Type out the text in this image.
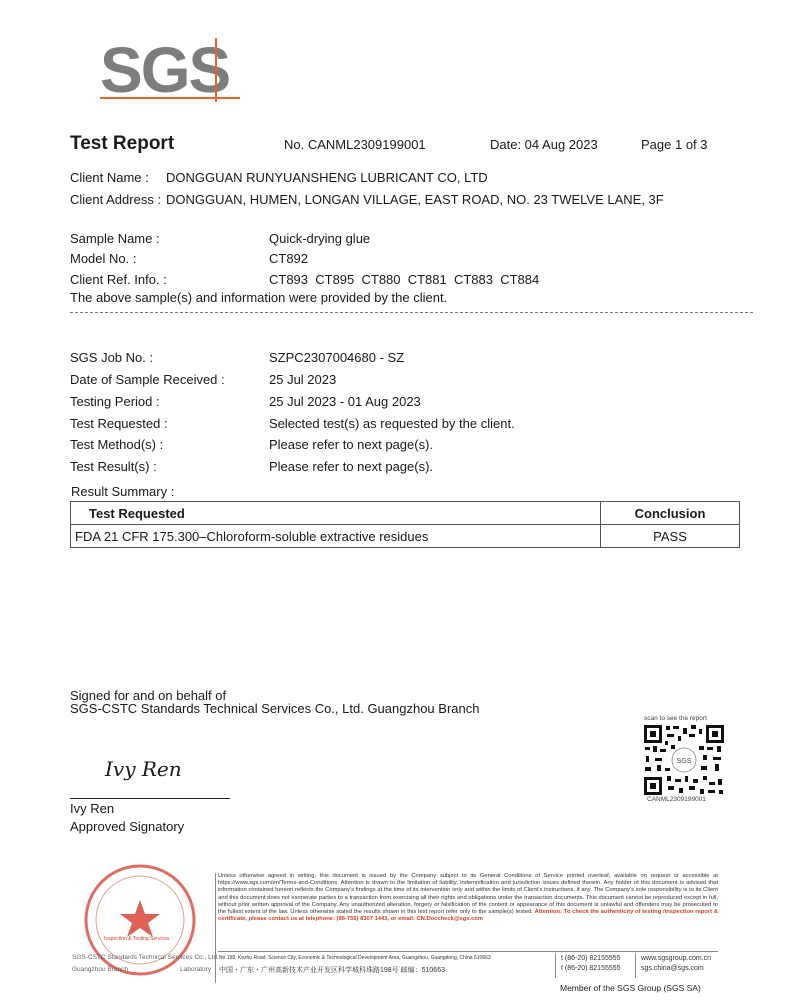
SGS
Test Report	No. CANML2309199001	Date: 04 Aug 2023	Page 1 of 3
Client Name : DONGGUAN RUNYUANSHENG LUBRICANT CO, LTD
Client Address : DONGGUAN, HUMEN, LONGAN VILLAGE, EAST ROAD, NO. 23 TWELVE LANE, 3F
Sample Name :	Quick-drying glue
Model No. :	CT892
Client Ref. Info. :	CT893  CT895  CT880  CT881  CT883  CT884
The above sample(s) and information were provided by the client.
SGS Job No. :	SZPC2307004680 - SZ
Date of Sample Received :	25 Jul 2023
Testing Period :	25 Jul 2023 - 01 Aug 2023
Test Requested :	Selected test(s) as requested by the client.
Test Method(s) :	Please refer to next page(s).
Test Result(s) :	Please refer to next page(s).
Result Summary :
Test Requested	Conclusion
FDA 21 CFR 175.300–Chloroform-soluble extractive residues	PASS
Signed for and on behalf of
SGS-CSTC Standards Technical Services Co., Ltd. Guangzhou Branch
Ivy Ren
Ivy Ren
Approved Signatory
scan to see the report
SGS
CANML2309199001
Inspection & Testing Services
SGS-CSTC Standards Technical Services Co., Ltd.
Guangzhou Branch	Laboratory
Unless otherwise agreed in writing, this document is issued by the Company subject to its General Conditions of Service printed overleaf, available on request or accessible at https://www.sgs.com/en/Terms-and-Conditions. Attention is drawn to the limitation of liability, indemnification and jurisdiction issues defined therein. Any holder of this document is advised that information contained hereon reflects the Company's findings at the time of its intervention only and within the limits of Client's instructions, if any. The Company's sole responsibility is to its Client and this document does not exonerate parties to a transaction from exercising all their rights and obligations under the transaction documents. This document cannot be reproduced except in full, without prior written approval of the Company. Any unauthorized alteration, forgery or falsification of the content or appearance of this document is unlawful and offenders may be prosecuted to the fullest extent of the law. Unless otherwise stated the results shown in this test report refer only to the sample(s) tested. Attention: To check the authenticity of testing /inspection report & certificate, please contact us at telephone: (86-755) 8307 1443, or email: CN.Doccheck@sgs.com
No.198, Kezhu Road, Science City, Economic & Technological Development Area, Guangzhou, Guangdong, China 510663
中国・广东・广州高新技术产业开发区科学城科珠路198号 邮编：510663
t (86-20) 82155555
t (86-20) 82155555
www.sgsgroup.com.cn
sgs.china@sgs.com
Member of the SGS Group (SGS SA)
